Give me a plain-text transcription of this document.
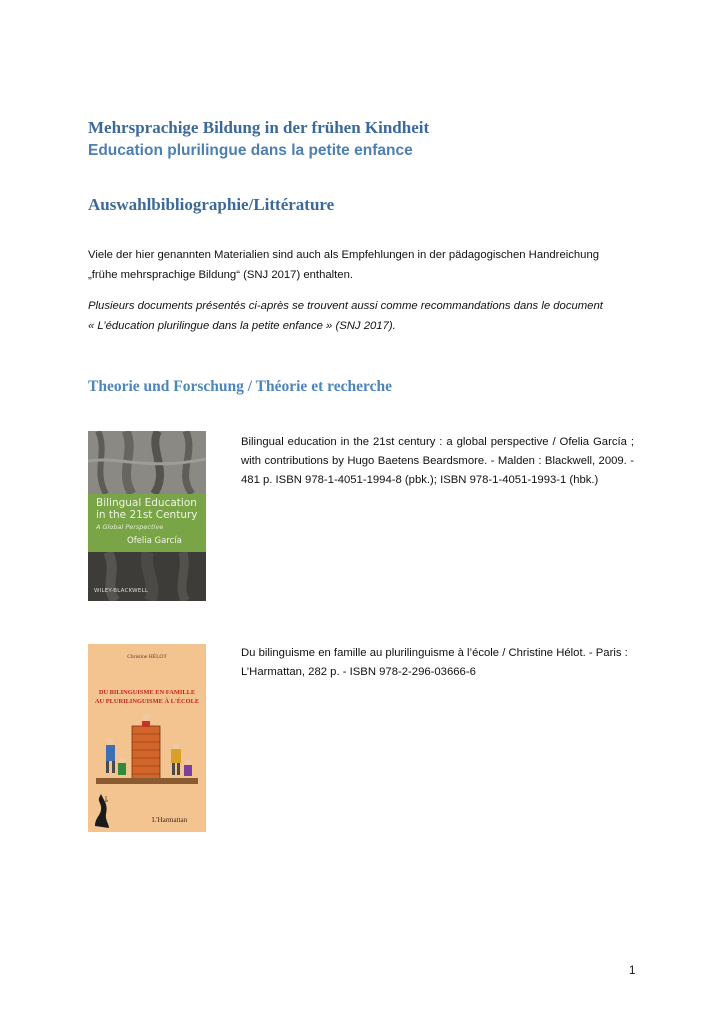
Mehrsprachige Bildung in der frühen Kindheit
Education plurilingue dans la petite enfance
Auswahlbibliographie/Littérature

Viele der hier genannten Materialien sind auch als Empfehlungen in der pädagogischen Handreichung „frühe mehrsprachige Bildung“ (SNJ 2017) enthalten.

Plusieurs documents présentés ci-après se trouvent aussi comme recommandations dans le document « L’éducation plurilingue dans la petite enfance » (SNJ 2017).

Theorie und Forschung / Théorie et recherche
Bilingual Education in the 21st Century
A Global Perspective
Ofelia García
WILEY-BLACKWELL

Bilingual education in the 21st century : a global perspective / Ofelia García ; with contributions by Hugo Baetens Beardsmore. - Malden : Blackwell, 2009. - 481 p. ISBN 978-1-4051-1994-8 (pbk.); ISBN 978-1-4051-1993-1 (hbk.)

Christine HÉLOT
DU BILINGUISME EN FAMILLE
AU PLURILINGUISME À L'ÉCOLE
coll.
L'Harmattan

Du bilinguisme en famille au plurilinguisme à l’école / Christine Hélot. - Paris : L’Harmattan, 282 p. - ISBN 978-2-296-03666-6

1
